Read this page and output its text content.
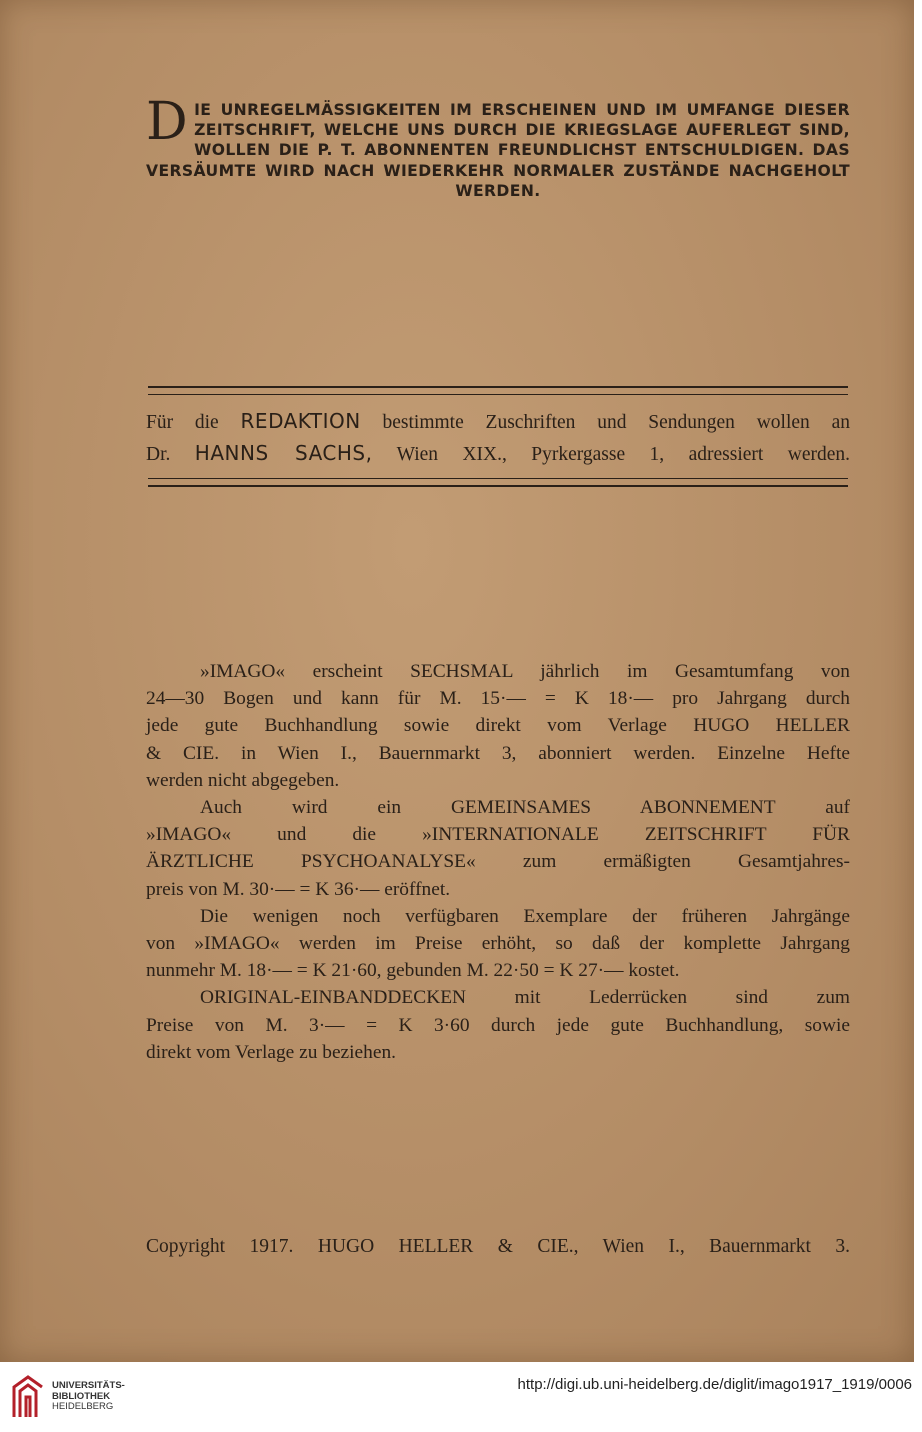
DIE UNREGELMÄSSIGKEITEN IM ERSCHEINEN UND IM UMFANGE DIESER ZEITSCHRIFT, WELCHE UNS DURCH DIE KRIEGSLAGE AUFERLEGT SIND, WOLLEN DIE P. T. ABONNENTEN FREUNDLICHST ENTSCHULDIGEN. DAS VERSÄUMTE WIRD NACH WIEDERKEHR NORMALER ZUSTÄNDE NACHGEHOLT WERDEN.
Für die REDAKTION bestimmte Zuschriften und Sendungen wollen an
Dr. HANNS SACHS, Wien XIX., Pyrkergasse 1, adressiert werden.

»IMAGO« erscheint SECHSMAL jährlich im Gesamtumfang von
24—30 Bogen und kann für M. 15·— = K 18·— pro Jahrgang durch
jede gute Buchhandlung sowie direkt vom Verlage HUGO HELLER
& CIE. in Wien I., Bauernmarkt 3, abonniert werden. Einzelne Hefte
werden nicht abgegeben.

Auch wird ein GEMEINSAMES ABONNEMENT auf
»IMAGO« und die »INTERNATIONALE ZEITSCHRIFT FÜR
ÄRZTLICHE PSYCHOANALYSE« zum ermäßigten Gesamtjahres-
preis von M. 30·— = K 36·— eröffnet.

Die wenigen noch verfügbaren Exemplare der früheren Jahrgänge
von »IMAGO« werden im Preise erhöht, so daß der komplette Jahrgang
nunmehr M. 18·— = K 21·60, gebunden M. 22·50 = K 27·— kostet.

ORIGINAL-EINBANDDECKEN mit Lederrücken sind zum
Preise von M. 3·— = K 3·60 durch jede gute Buchhandlung, sowie
direkt vom Verlage zu beziehen.

Copyright 1917. HUGO HELLER & CIE., Wien I., Bauernmarkt 3.
UNIVERSITÄTS-
BIBLIOTHEK
HEIDELBERG
http://digi.ub.uni-heidelberg.de/diglit/imago1917_1919/0006
